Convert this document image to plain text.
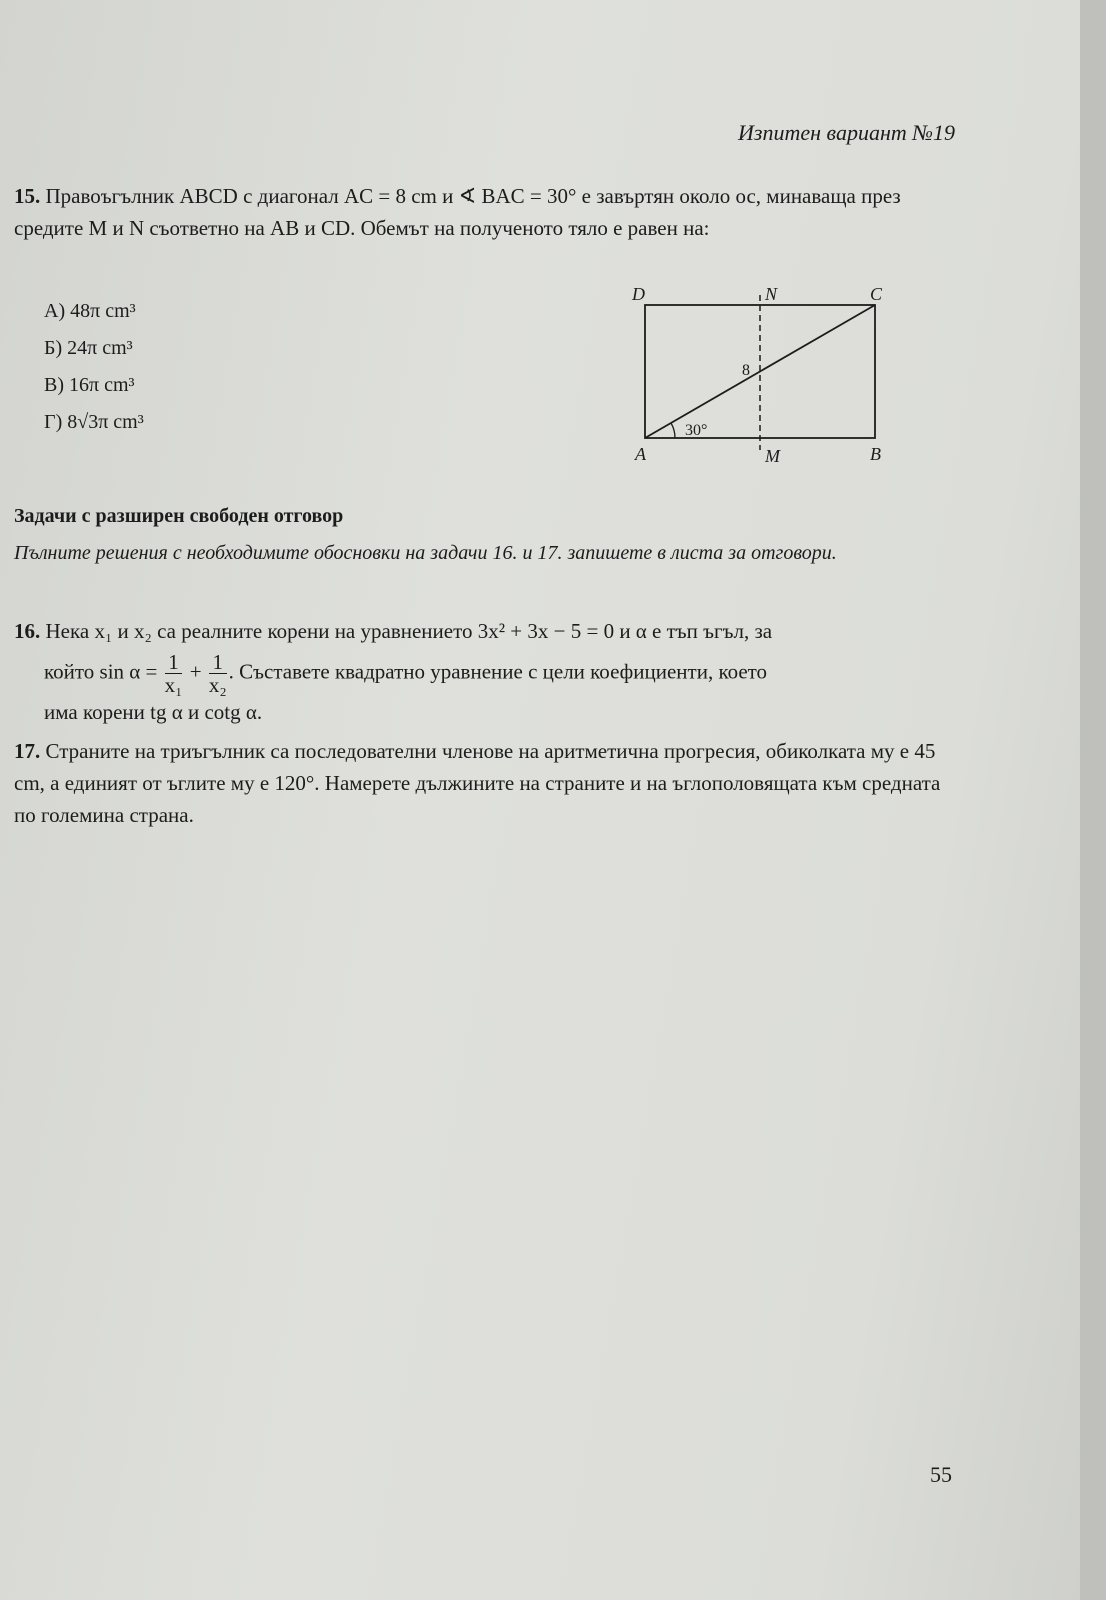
Изпитен вариант №19
15. Правоъгълник ABCD с диагонал AC = 8 cm и ∢ BAC = 30° е завъртян около ос, минаваща през средите M и N съответно на AB и CD. Обемът на полученото тяло е равен на:
А) 48π cm³
Б) 24π cm³
В) 16π cm³
Г) 8√3π cm³
D	N	C
A	M	B
8
30°
Задачи с разширен свободен отговор
Пълните решения с необходимите обосновки на задачи 16. и 17. запишете в листа за отговори.
16. Нека x₁ и x₂ са реалните корени на уравнението 3x² + 3x − 5 = 0 и α е тъп ъгъл, за
който $\sin \alpha = \frac{1}{\text{x₁}} + \frac{1}{\text{x₂}}$ . Съставете квадратно уравнение с цели коефициенти, което
има корени tg α и cotg α.
17. Страните на триъгълник са последователни членове на аритметична прогресия, обиколката му е 45 cm, а единият от ъглите му е 120°. Намерете дължините на страните и на ъглополовящата към средната по големина страна.
55
